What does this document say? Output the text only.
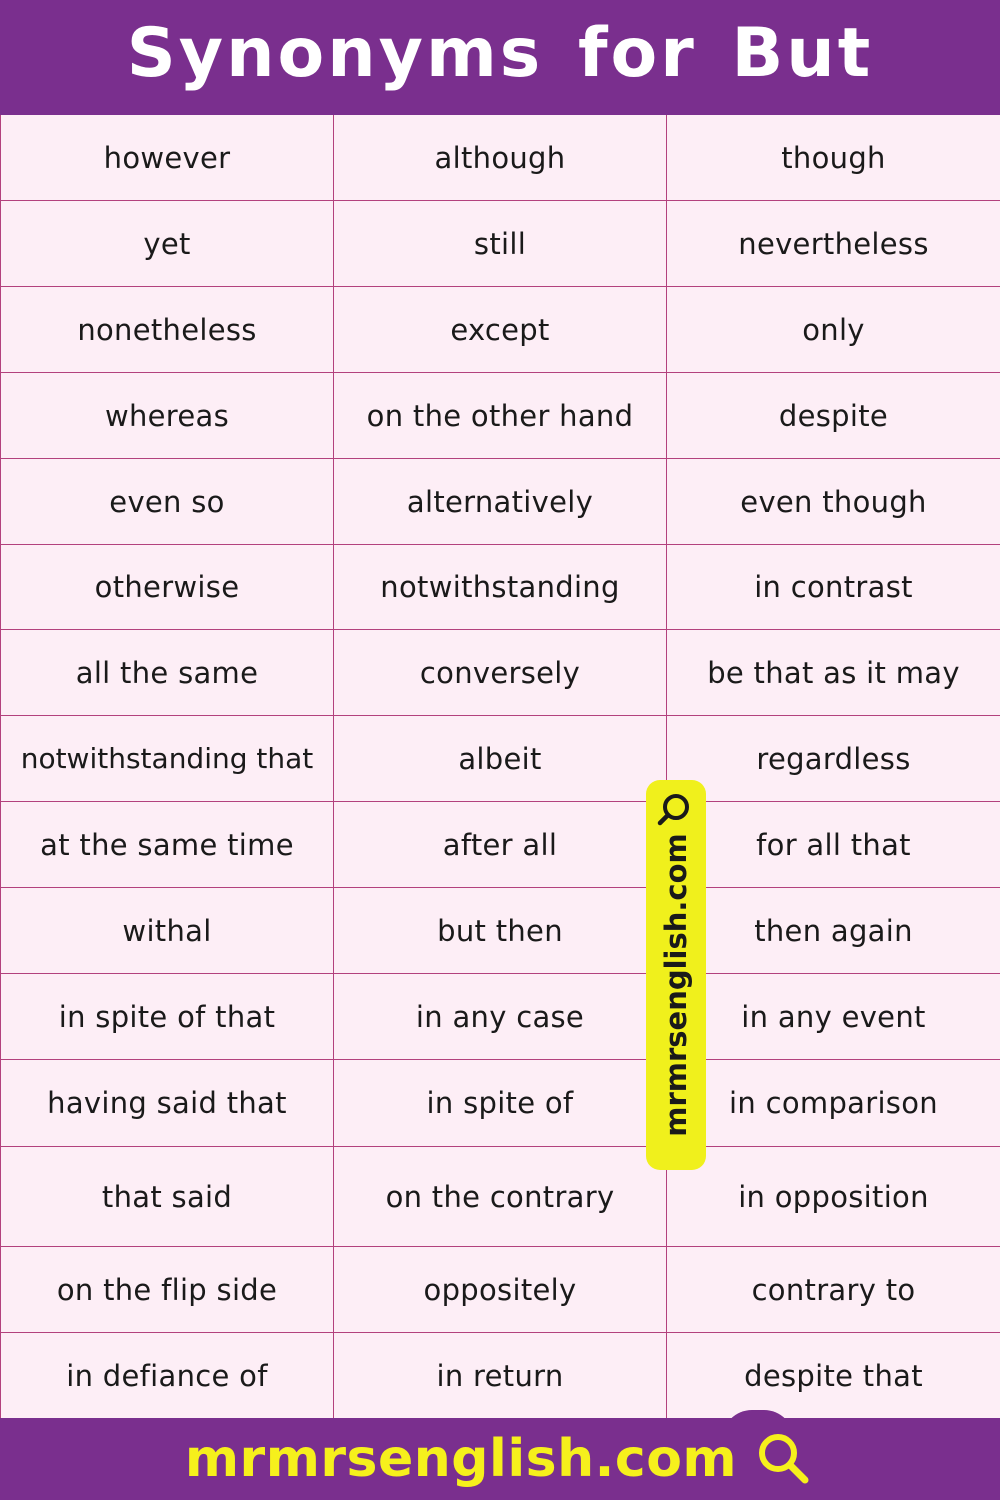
Synonyms for But
however	although	though
yet	still	nevertheless
nonetheless	except	only
whereas	on the other hand	despite
even so	alternatively	even though
otherwise	notwithstanding	in contrast
all the same	conversely	be that as it may
notwithstanding that	albeit	regardless
at the same time	after all	for all that
withal	but then	then again
in spite of that	in any case	in any event
having said that	in spite of	in comparison
that said	on the contrary	in opposition
on the flip side	oppositely	contrary to
in defiance of	in return	despite that
mrmrsenglish.com
mrmrsenglish.com
